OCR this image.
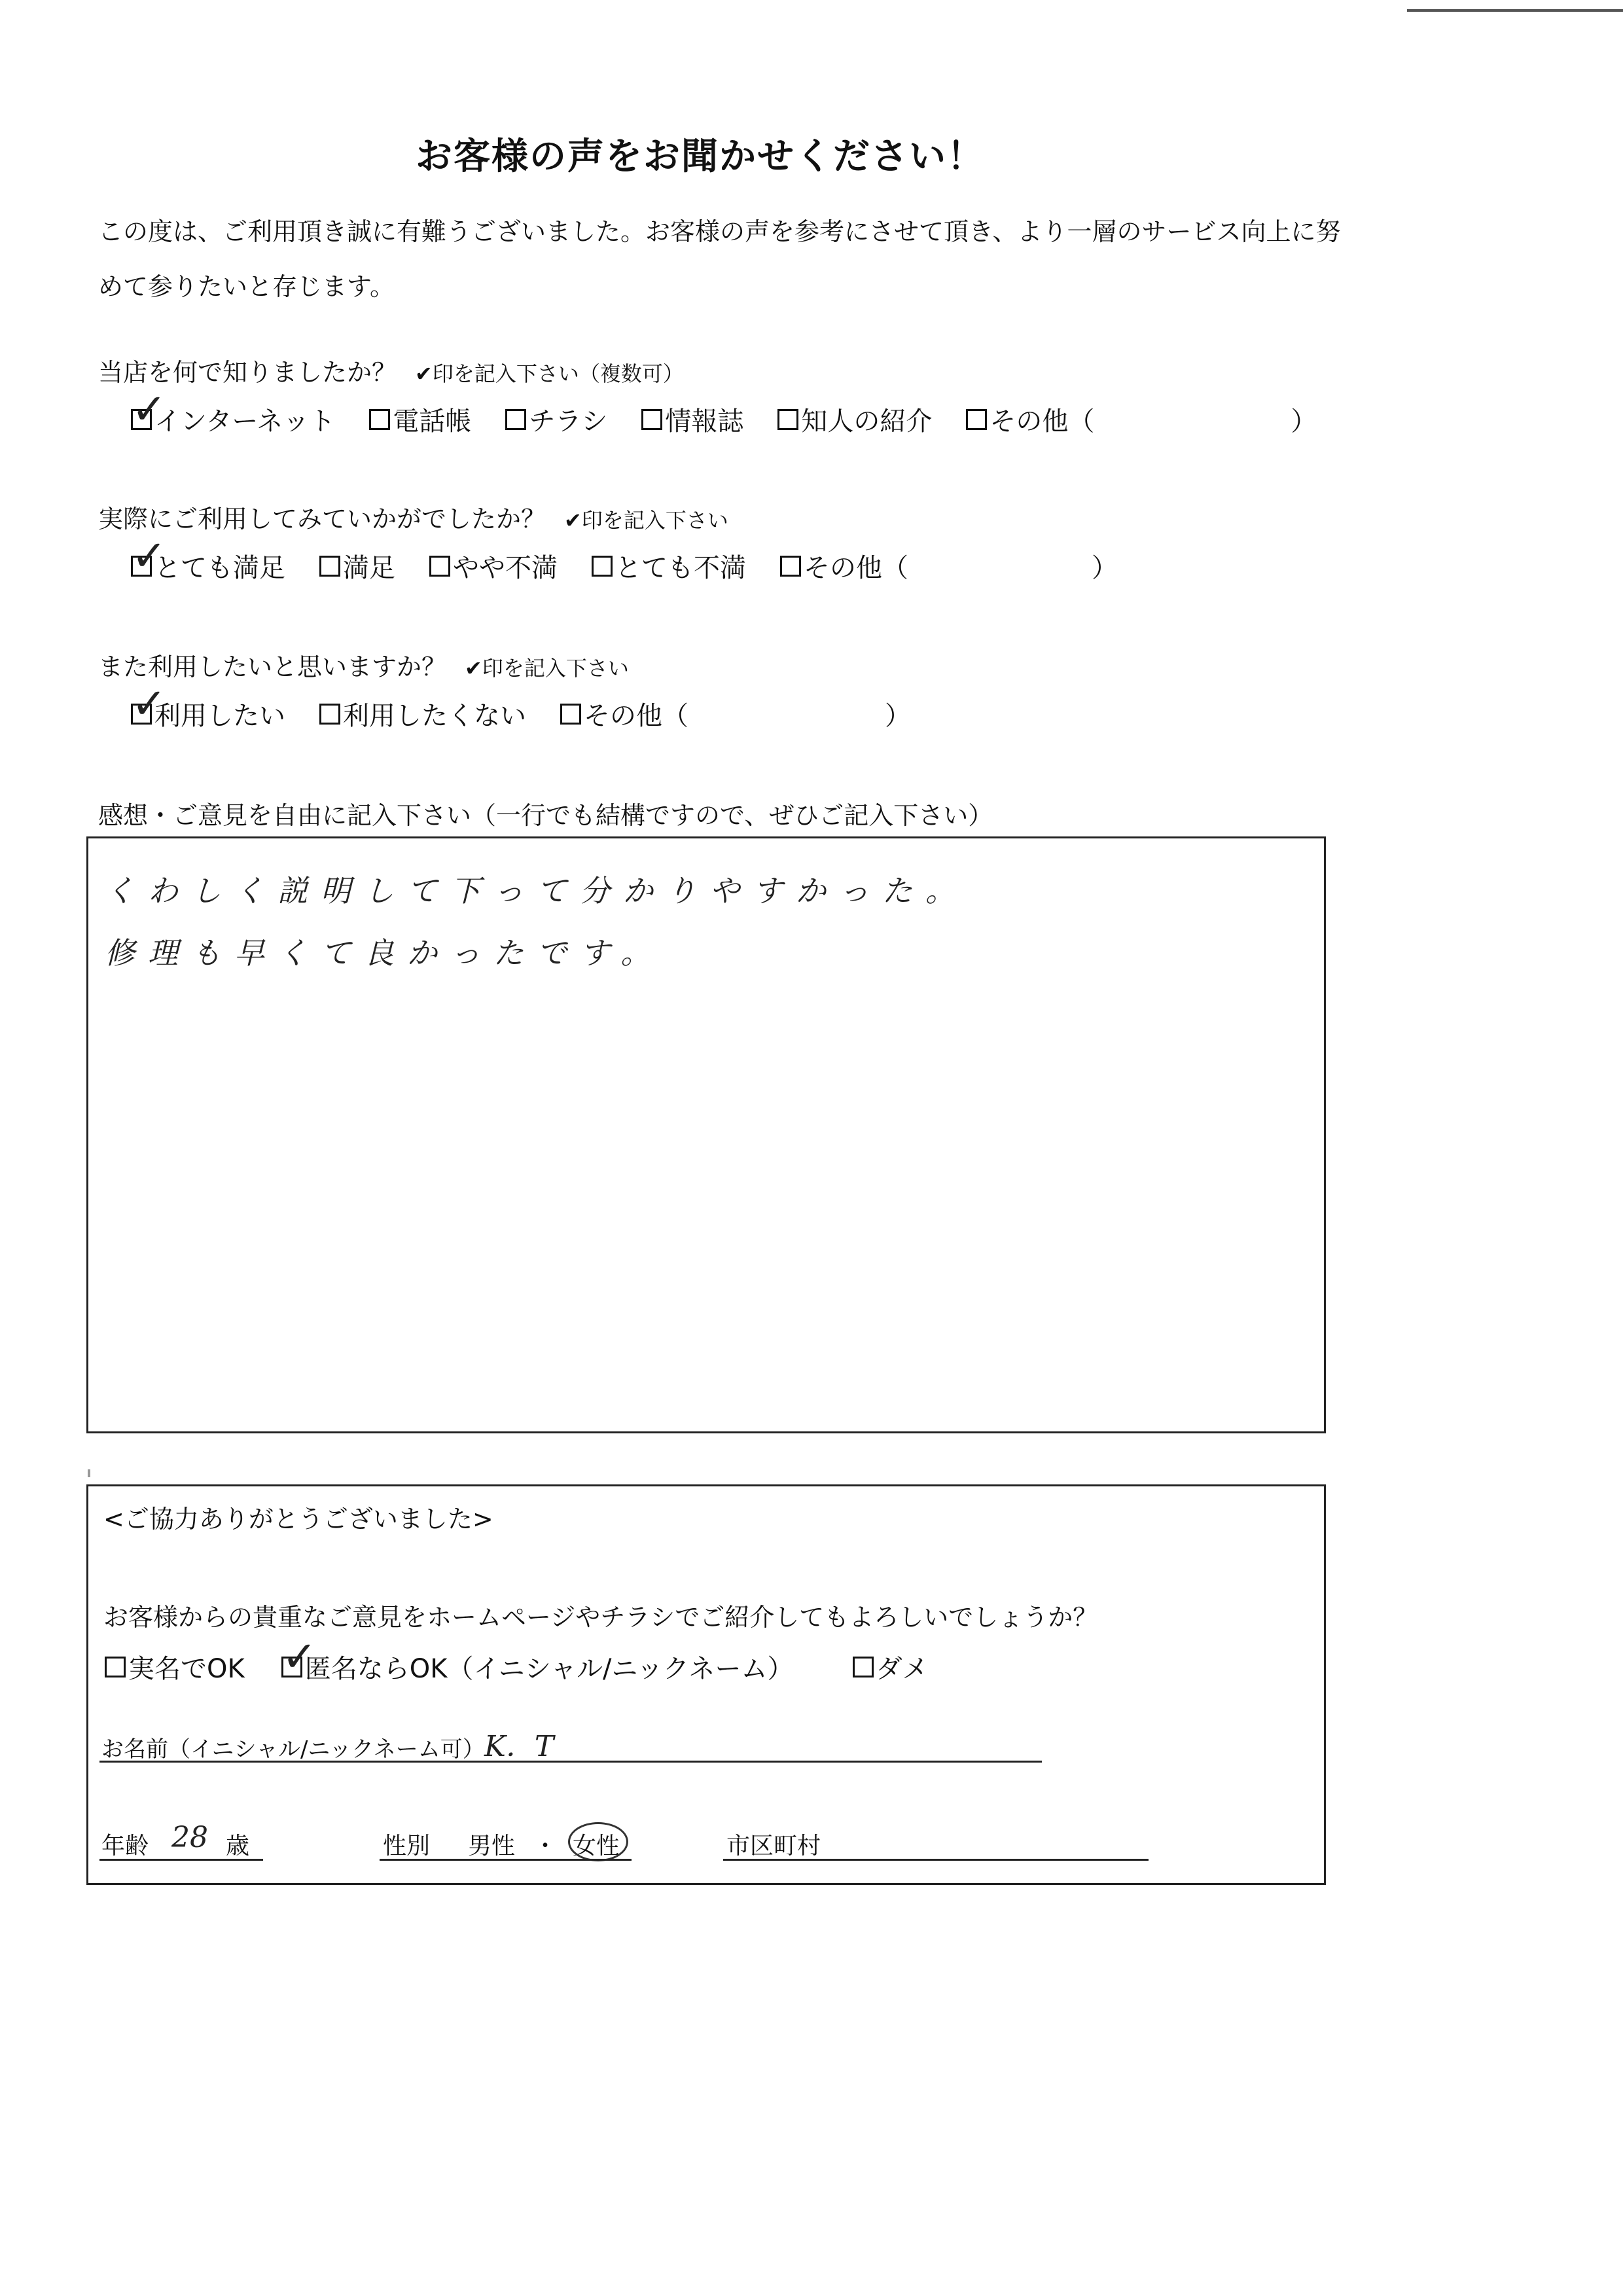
お客様の声をお聞かせください！
この度は、ご利用頂き誠に有難うございました。お客様の声を参考にさせて頂き、より一層のサービス向上に努めて参りたいと存じます。
当店を何で知りましたか？ ✔印を記入下さい（複数可）
✓
インターネット 電話帳 チラシ 情報誌 知人の紹介 その他（	）
実際にご利用してみていかがでしたか？ ✔印を記入下さい
✓
とても満足 満足 やや不満 とても不満 その他（	）
また利用したいと思いますか？ ✔印を記入下さい
✓
利用したい 利用したくない その他（	）
感想・ご意見を自由に記入下さい（一行でも結構ですので、ぜひご記入下さい）
くわしく説明して下って分かりやすかった。
修理も早くて良かったです。
<ご協力ありがとうございました>
お客様からの貴重なご意見をホームページやチラシでご紹介してもよろしいでしょうか？
実名でOK ✓
匿名ならOK（イニシャル/ニックネーム）	ダメ
お名前（イニシャル/ニックネーム可） K．T
年齢 28 歳	性別 男性 ・ 女性	市区町村
